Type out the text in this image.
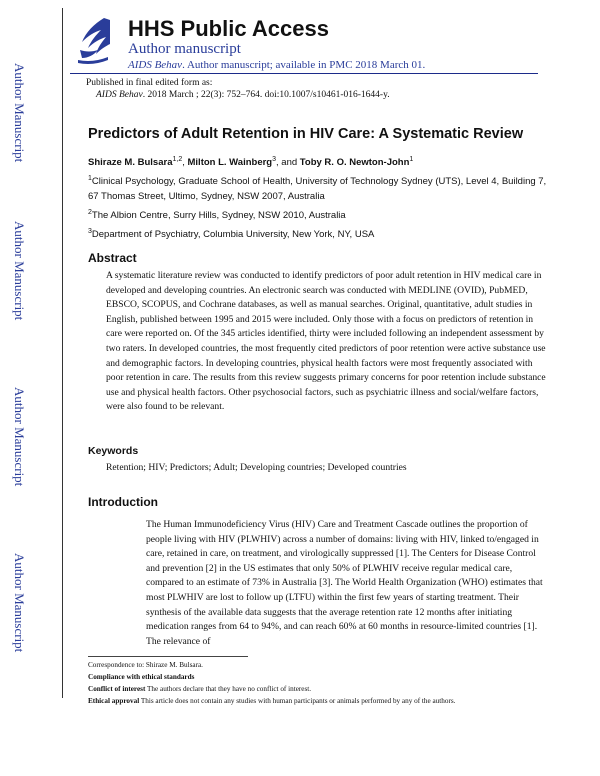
HHS Public Access
Author manuscript
AIDS Behav. Author manuscript; available in PMC 2018 March 01.
Author Manuscript
Author Manuscript
Author Manuscript
Author Manuscript
Published in final edited form as:
AIDS Behav. 2018 March ; 22(3): 752–764. doi:10.1007/s10461-016-1644-y.
Predictors of Adult Retention in HIV Care: A Systematic Review
Shiraze M. Bulsara$^{1,2}$, Milton L. Wainberg$^3$, and Toby R. O. Newton-John$^1$
$^1$Clinical Psychology, Graduate School of Health, University of Technology Sydney (UTS), Level 4, Building 7, 67 Thomas Street, Ultimo, Sydney, NSW 2007, Australia
$^2$The Albion Centre, Surry Hills, Sydney, NSW 2010, Australia
$^3$Department of Psychiatry, Columbia University, New York, NY, USA
Abstract
A systematic literature review was conducted to identify predictors of poor adult retention in HIV medical care in developed and developing countries. An electronic search was conducted with MEDLINE (OVID), PubMED, EBSCO, SCOPUS, and Cochrane databases, as well as manual searches. Original, quantitative, adult studies in English, published between 1995 and 2015 were included. Only those with a focus on predictors of retention in care were reported on. Of the 345 articles identified, thirty were included following an independent assessment by two raters. In developed countries, the most frequently cited predictors of poor retention were active substance use and demographic factors. In developing countries, physical health factors were most frequently associated with poor retention in care. The results from this review suggests primary concerns for poor retention include substance use and physical health factors. Other psychosocial factors, such as psychiatric illness and social/welfare factors, were also found to be relevant.
Keywords
Retention; HIV; Predictors; Adult; Developing countries; Developed countries
Introduction
The Human Immunodeficiency Virus (HIV) Care and Treatment Cascade outlines the proportion of people living with HIV (PLWHIV) across a number of domains: living with HIV, linked to/engaged in care, retained in care, on treatment, and virologically suppressed [1]. The Centers for Disease Control and prevention [2] in the US estimates that only 50% of PLWHIV receive regular medical care, compared to an estimate of 73% in Australia [3]. The World Health Organization (WHO) estimates that most PLWHIV are lost to follow up (LTFU) within the first few years of starting treatment. Their synthesis of the available data suggests that the average retention rate 12 months after initiating medication ranges from 64 to 94%, and can reach 60% at 60 months in resource-limited countries [1]. The relevance of
Correspondence to: Shiraze M. Bulsara.
Compliance with ethical standards
Conflict of interest The authors declare that they have no conflict of interest.
Ethical approval This article does not contain any studies with human participants or animals performed by any of the authors.
